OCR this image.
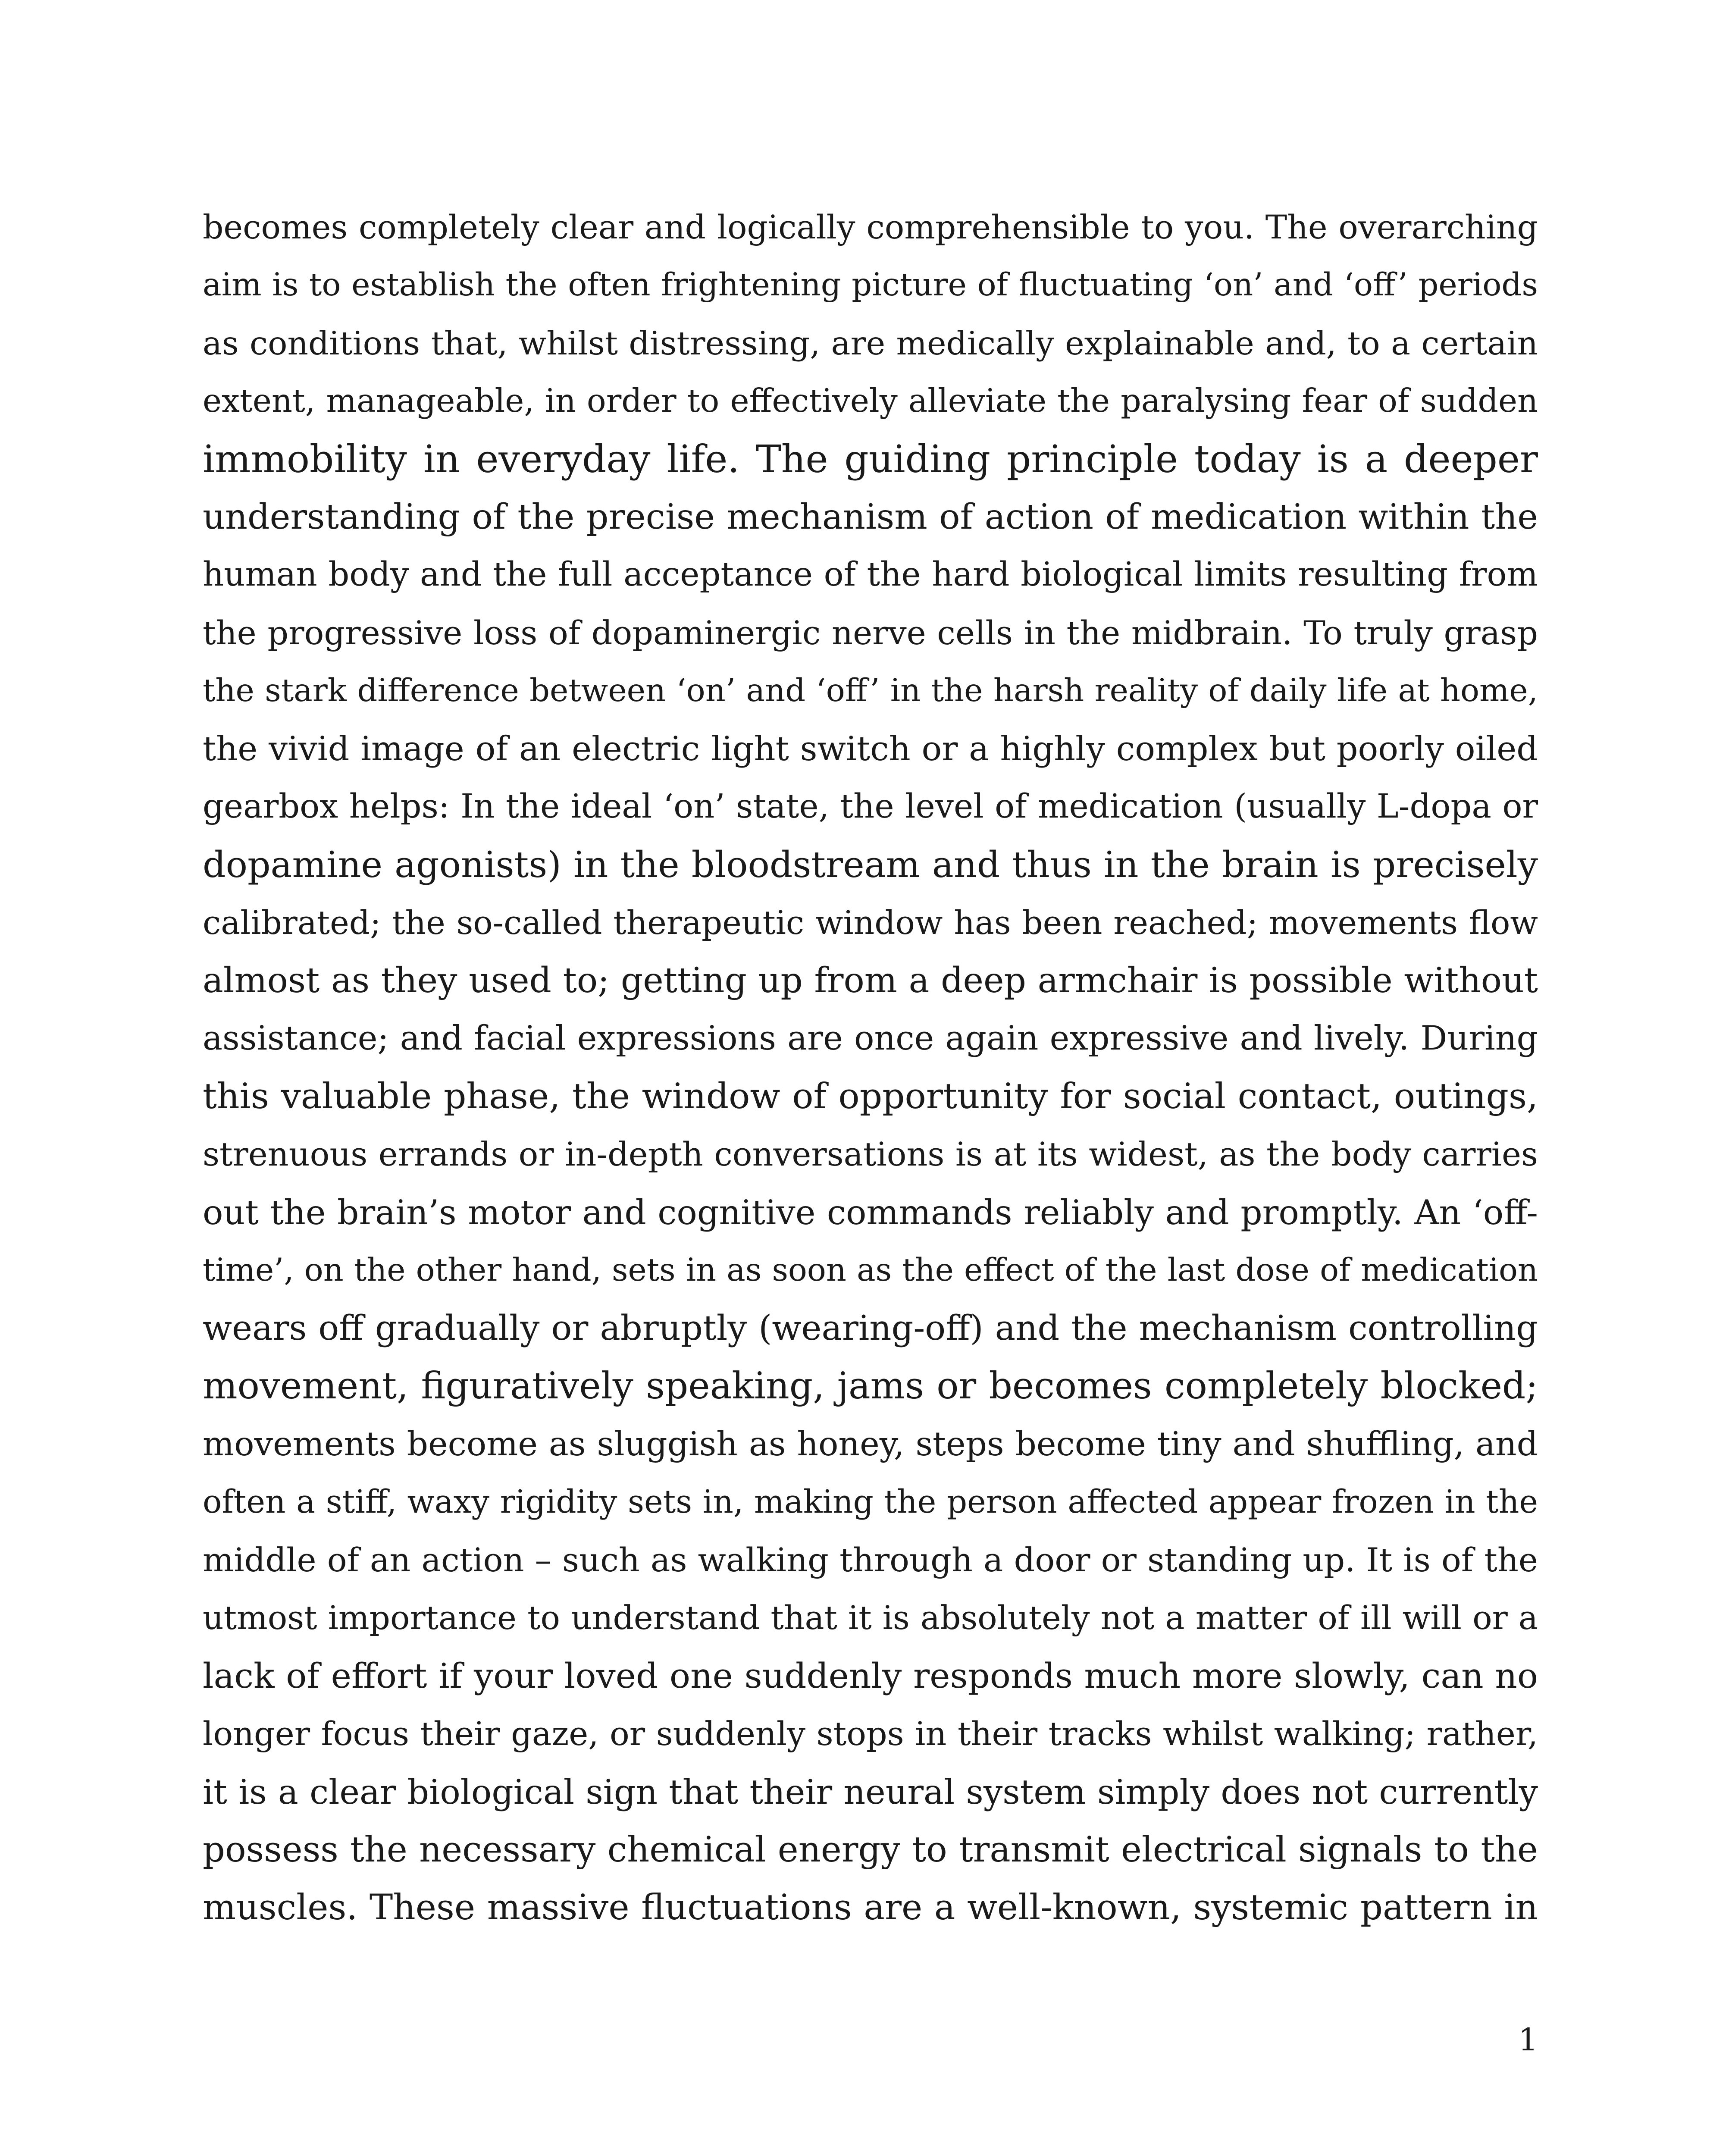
becomes completely clear and logically comprehensible to you. The overarching
aim is to establish the often frightening picture of fluctuating ‘on’ and ‘off’ periods
as conditions that, whilst distressing, are medically explainable and, to a certain
extent, manageable, in order to effectively alleviate the paralysing fear of sudden
immobility in everyday life. The guiding principle today is a deeper
understanding of the precise mechanism of action of medication within the
human body and the full acceptance of the hard biological limits resulting from
the progressive loss of dopaminergic nerve cells in the midbrain. To truly grasp
the stark difference between ‘on’ and ‘off’ in the harsh reality of daily life at home,
the vivid image of an electric light switch or a highly complex but poorly oiled
gearbox helps: In the ideal ‘on’ state, the level of medication (usually L-dopa or
dopamine agonists) in the bloodstream and thus in the brain is precisely
calibrated; the so-called therapeutic window has been reached; movements flow
almost as they used to; getting up from a deep armchair is possible without
assistance; and facial expressions are once again expressive and lively. During
this valuable phase, the window of opportunity for social contact, outings,
strenuous errands or in-depth conversations is at its widest, as the body carries
out the brain’s motor and cognitive commands reliably and promptly. An ‘off-
time’, on the other hand, sets in as soon as the effect of the last dose of medication
wears off gradually or abruptly (wearing-off) and the mechanism controlling
movement, figuratively speaking, jams or becomes completely blocked;
movements become as sluggish as honey, steps become tiny and shuffling, and
often a stiff, waxy rigidity sets in, making the person affected appear frozen in the
middle of an action – such as walking through a door or standing up. It is of the
utmost importance to understand that it is absolutely not a matter of ill will or a
lack of effort if your loved one suddenly responds much more slowly, can no
longer focus their gaze, or suddenly stops in their tracks whilst walking; rather,
it is a clear biological sign that their neural system simply does not currently
possess the necessary chemical energy to transmit electrical signals to the
muscles. These massive fluctuations are a well-known, systemic pattern in
1
